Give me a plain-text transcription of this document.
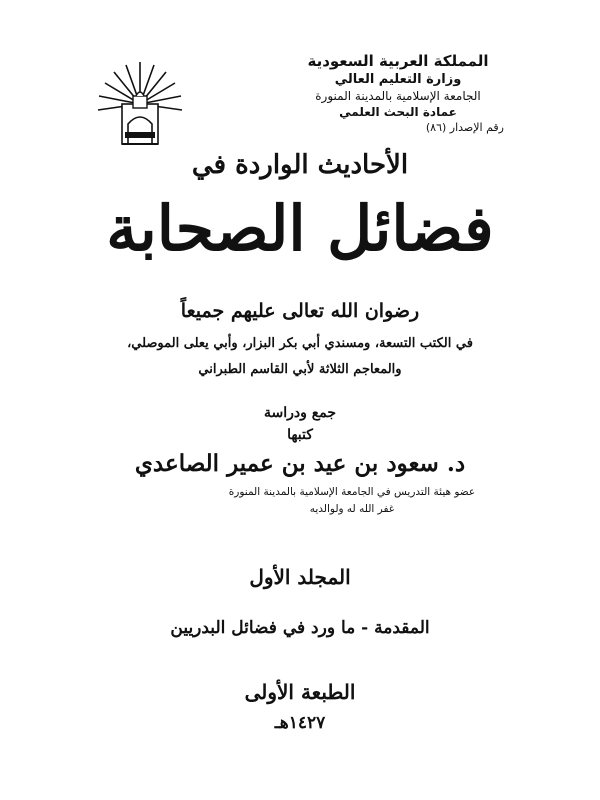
المملكة العربية السعودية
وزارة التعليم العالي
الجامعة الإسلامية بالمدينة المنورة
عمادة البحث العلمي
رقم الإصدار (٨٦)
الأحاديث الواردة في
فضائل الصحابة
رضوان الله تعالى عليهم جميعاً
في الكتب التسعة، ومسندي أبي بكر البزار، وأبي يعلى الموصلي،
والمعاجم الثلاثة لأبي القاسم الطبراني
جمع ودراسة
كتبها
د. سعود بن عيد بن عمير الصاعدي
عضو هيئة التدريس في الجامعة الإسلامية بالمدينة المنورة
غفر الله له ولوالديه
المجلد الأول
المقدمة - ما ورد في فضائل البدريين
الطبعة الأولى
١٤٢٧هـ
